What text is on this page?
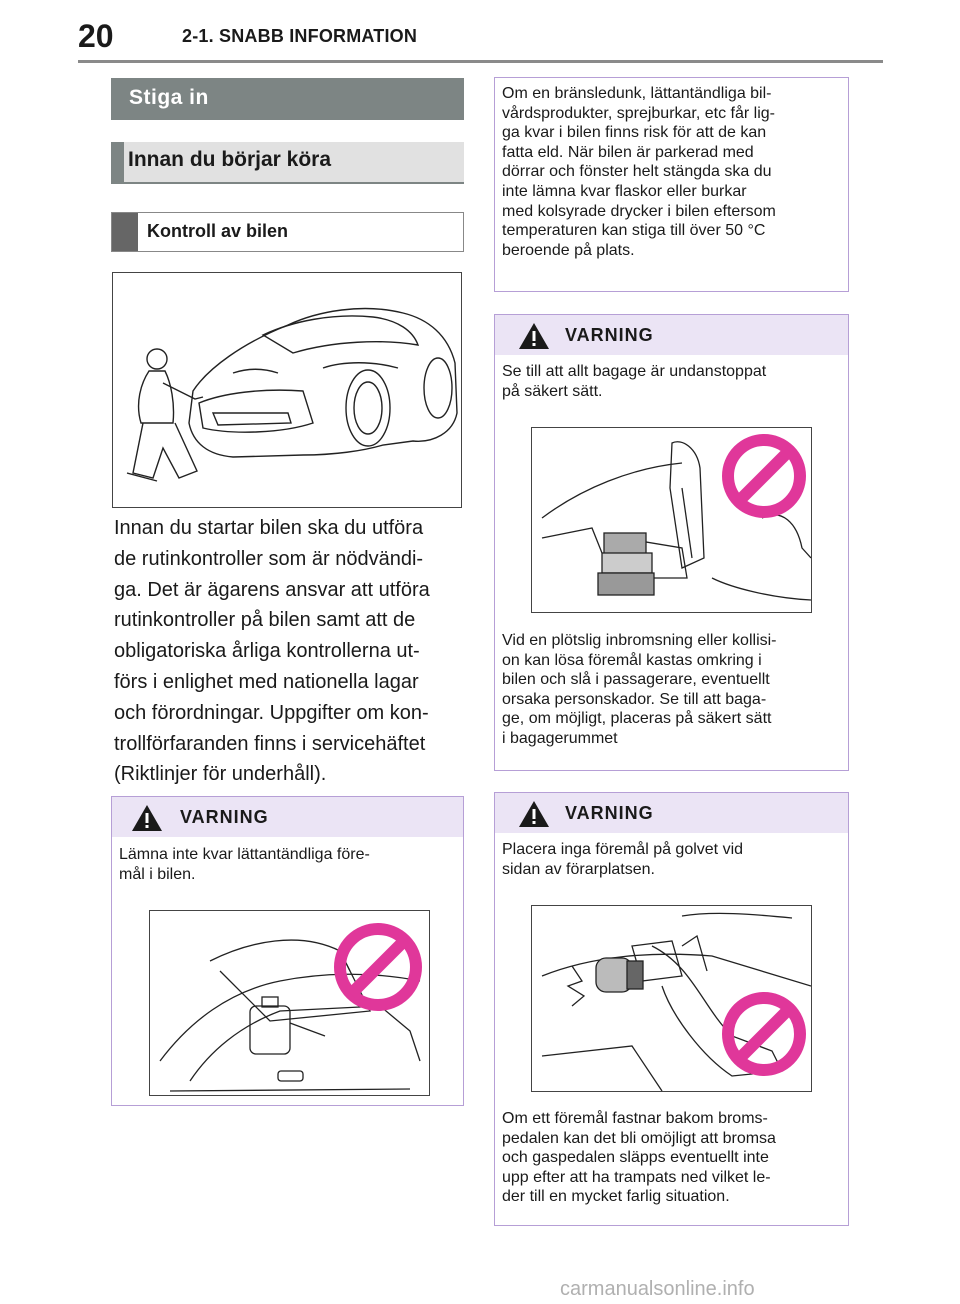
20	2-1. SNABB INFORMATION
Stiga in
Innan du börjar köra
Kontroll av bilen

Innan du startar bilen ska du utföra

de rutinkontroller som är nödvändi-

ga. Det är ägarens ansvar att utföra

rutinkontroller på bilen samt att de

obligatoriska årliga kontrollerna ut-

förs i enlighet med nationella lagar

och förordningar. Uppgifter om kon-

trollförfaranden finns i servicehäftet

(Riktlinjer för underhåll).

VARNING
Lämna inte kvar lättantändliga före-
mål i bilen.
Om en bränsledunk, lättantändliga bil-
vårdsprodukter, sprejburkar, etc får lig-
ga kvar i bilen finns risk för att de kan
fatta eld. När bilen är parkerad med
dörrar och fönster helt stängda ska du
inte lämna kvar flaskor eller burkar
med kolsyrade drycker i bilen eftersom
temperaturen kan stiga till över 50 °C
beroende på plats.
VARNING
Se till att allt bagage är undanstoppat
på säkert sätt.
Vid en plötslig inbromsning eller kollisi-
on kan lösa föremål kastas omkring i
bilen och slå i passagerare, eventuellt
orsaka personskador. Se till att baga-
ge, om möjligt, placeras på säkert sätt
i bagagerummet
VARNING
Placera inga föremål på golvet vid
sidan av förarplatsen.
Om ett föremål fastnar bakom broms-
pedalen kan det bli omöjligt att bromsa
och gaspedalen släpps eventuellt inte
upp efter att ha trampats ned vilket le-
der till en mycket farlig situation.
carmanualsonline.info
